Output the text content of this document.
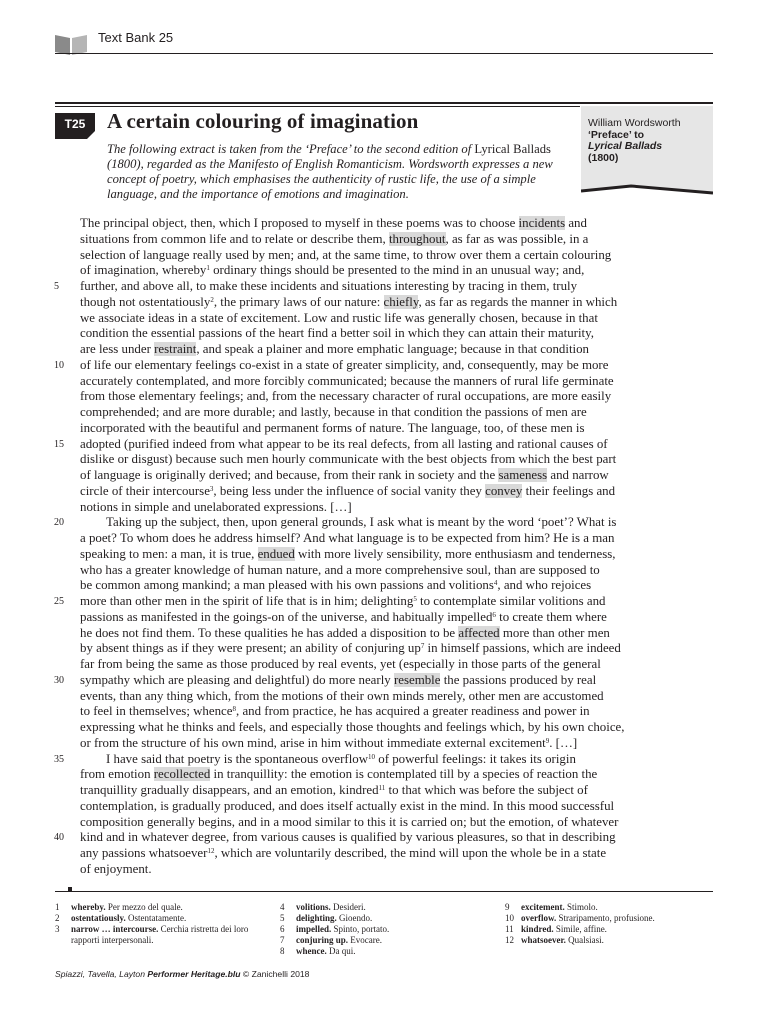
Text Bank 25
T25	A certain colouring of imagination
The following extract is taken from the ‘Preface’ to the second edition of Lyrical Ballads (1800), regarded as the Manifesto of English Romanticism. Wordsworth expresses a new concept of poetry, which emphasises the authenticity of rustic life, the use of a simple language, and the importance of emotions and imagination.
William Wordsworth
‘Preface’ to
Lyrical Ballads
(1800)
The principal object, then, which I proposed to myself in these poems was to choose incidents and
situations from common life and to relate or describe them, throughout, as far as was possible, in a
selection of language really used by men; and, at the same time, to throw over them a certain colouring
of imagination, whereby$^1$ ordinary things should be presented to the mind in an unusual way; and,
further, and above all, to make these incidents and situations interesting by tracing in them, truly
though not ostentatiously$^2$, the primary laws of our nature: chiefly, as far as regards the manner in which
we associate ideas in a state of excitement. Low and rustic life was generally chosen, because in that
condition the essential passions of the heart find a better soil in which they can attain their maturity,
are less under restraint, and speak a plainer and more emphatic language; because in that condition
of life our elementary feelings co-exist in a state of greater simplicity, and, consequently, may be more
accurately contemplated, and more forcibly communicated; because the manners of rural life germinate
from those elementary feelings; and, from the necessary character of rural occupations, are more easily
comprehended; and are more durable; and lastly, because in that condition the passions of men are
incorporated with the beautiful and permanent forms of nature. The language, too, of these men is
adopted (purified indeed from what appear to be its real defects, from all lasting and rational causes of
dislike or disgust) because such men hourly communicate with the best objects from which the best part
of language is originally derived; and because, from their rank in society and the sameness and narrow
circle of their intercourse$^3$, being less under the influence of social vanity they convey their feelings and
notions in simple and unelaborated expressions. […]
Taking up the subject, then, upon general grounds, I ask what is meant by the word ‘poet’? What is
a poet? To whom does he address himself? And what language is to be expected from him? He is a man
speaking to men: a man, it is true, endued with more lively sensibility, more enthusiasm and tenderness,
who has a greater knowledge of human nature, and a more comprehensive soul, than are supposed to
be common among mankind; a man pleased with his own passions and volitions$^4$, and who rejoices
more than other men in the spirit of life that is in him; delighting$^5$ to contemplate similar volitions and
passions as manifested in the goings-on of the universe, and habitually impelled$^6$ to create them where
he does not find them. To these qualities he has added a disposition to be affected more than other men
by absent things as if they were present; an ability of conjuring $up^7$ in himself passions, which are indeed
far from being the same as those produced by real events, yet (especially in those parts of the general
sympathy which are pleasing and delightful) do more nearly resemble the passions produced by real
events, than any thing which, from the motions of their own minds merely, other men are accustomed
to feel in themselves; whence$^8$, and from practice, he has acquired a greater readiness and power in
expressing what he thinks and feels, and especially those thoughts and feelings which, by his own choice,
or from the structure of his own mind, arise in him without immediate external excitement$^9$. […]
I have said that poetry is the spontaneous overflow$^{10}$ of powerful feelings: it takes its origin
from emotion recollected in tranquillity: the emotion is contemplated till by a species of reaction the
tranquillity gradually disappears, and an emotion, kindred$^{11}$ to that which was before the subject of
contemplation, is gradually produced, and does itself actually exist in the mind. In this mood successful
composition generally begins, and in a mood similar to this it is carried on; but the emotion, of whatever
kind and in whatever degree, from various causes is qualified by various pleasures, so that in describing
any passions whatsoever$^{12}$, which are voluntarily described, the mind will upon the whole be in a state
of enjoyment.
5
10
15
20
25
30
35
40
1 whereby. Per mezzo del quale.
2 ostentatiously. Ostentatamente.
3 narrow … intercourse. Cerchia ristretta dei loro rapporti interpersonali.
4 volitions. Desideri.
5 delighting. Gioendo.
6 impelled. Spinto, portato.
7 conjuring up. Evocare.
8 whence. Da qui.
9 excitement. Stimolo.
10 overflow. Straripamento, profusione.
11 kindred. Simile, affine.
12 whatsoever. Qualsiasi.
Spiazzi, Tavella, Layton Performer Heritage.blu © Zanichelli 2018
